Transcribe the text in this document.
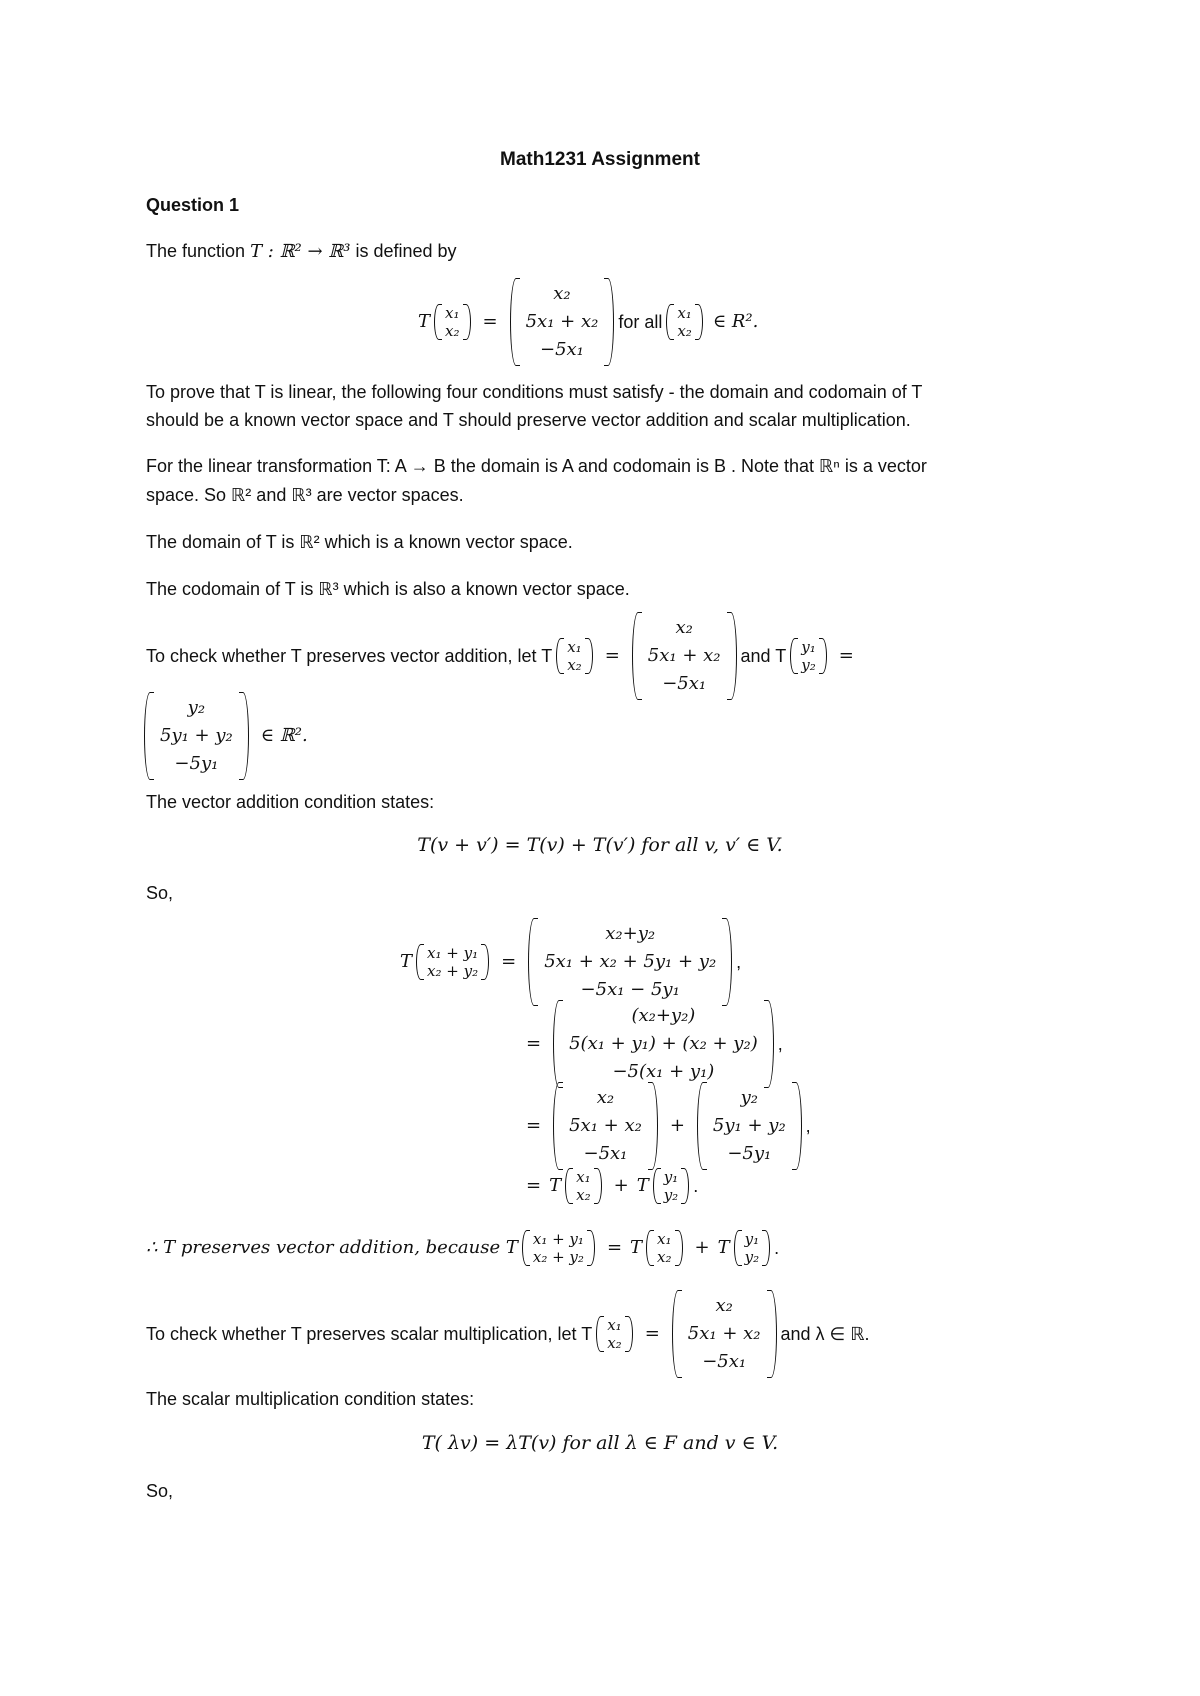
Math1231 Assignment
Question 1
The function T : ℝ² → ℝ³ is defined by
T x₁
x₂ =
x₂
5x₁ + x₂
−5x₁
for all x₁
x₂ ∈ R².
To prove that T is linear, the following four conditions must satisfy - the domain and codomain of T
should be a known vector space and T should preserve vector addition and scalar multiplication.
For the linear transformation T: A → B the domain is A and codomain is B . Note that ℝⁿ is a vector
space. So ℝ² and ℝ³ are vector spaces.
The domain of T is ℝ² which is a known vector space.
The codomain of T is ℝ³ which is also a known vector space.
To check whether T preserves vector addition, let T x₁
x₂ =
x₂
5x₁ + x₂
−5x₁
and T y₁
y₂ =
y₂
5y₁ + y₂
−5y₁
∈ ℝ².
The vector addition condition states:
T(v + v′) = T(v) + T(v′) for all v, v′ ∈ V.
So,
T x₁ + y₁
x₂ + y₂ =
x₂+y₂
5x₁ + x₂ + 5y₁ + y₂
−5x₁ − 5y₁
,
=
(x₂+y₂)
5(x₁ + y₁) + (x₂ + y₂)
−5(x₁ + y₁)
,
=
x₂
5x₁ + x₂
−5x₁
+
y₂
5y₁ + y₂
−5y₁
,
= T x₁
x₂ + T y₁
y₂ .
∴ T preserves vector addition, because T x₁ + y₁
x₂ + y₂ = T x₁
x₂ + T y₁
y₂ .
To check whether T preserves scalar multiplication, let T x₁
x₂ =
x₂
5x₁ + x₂
−5x₁
and λ ∈ ℝ.
The scalar multiplication condition states:
T( λv) = λT(v) for all λ ∈ F and v ∈ V.
So,
